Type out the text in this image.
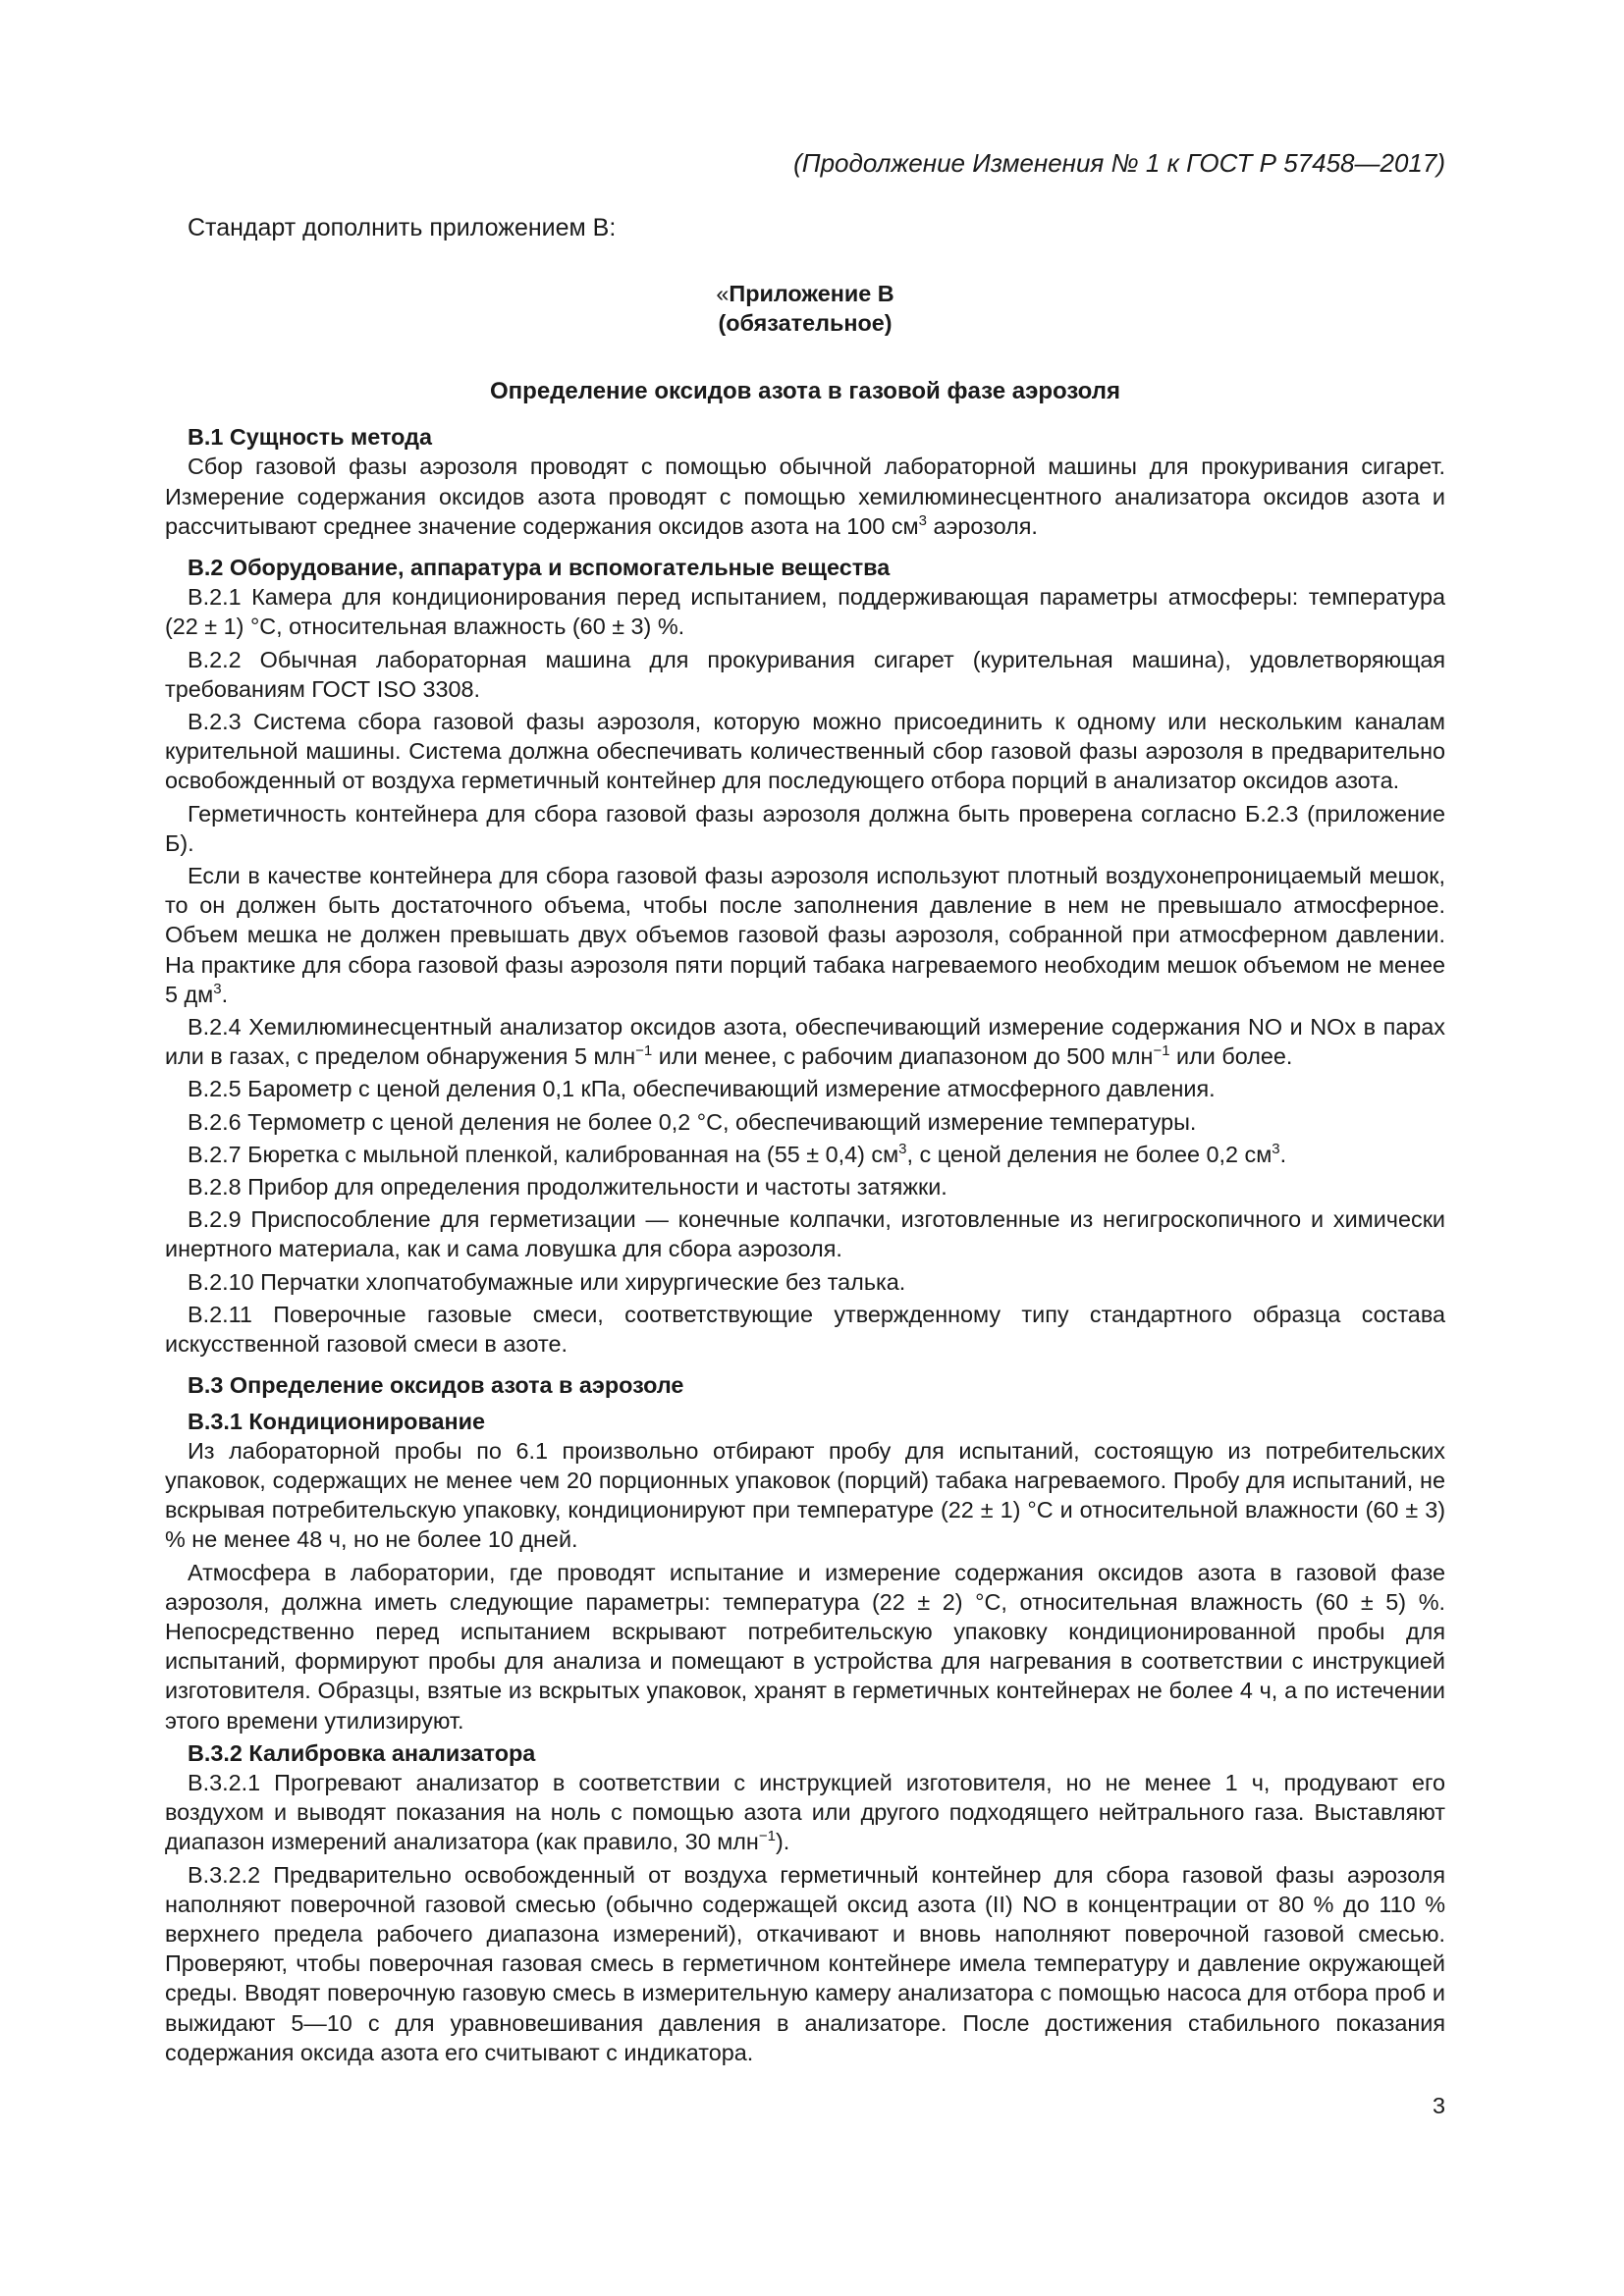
(Продолжение Изменения № 1 к ГОСТ Р 57458—2017)

Стандарт дополнить приложением В:

«Приложение В
(обязательное)
Определение оксидов азота в газовой фазе аэрозоля
В.1 Сущность метода

Сбор газовой фазы аэрозоля проводят с помощью обычной лабораторной машины для прокуривания сигарет. Измерение содержания оксидов азота проводят с помощью хемилюминесцентного анализатора оксидов азота и рассчитывают среднее значение содержания оксидов азота на 100 $см^3$ аэрозоля.

В.2 Оборудование, аппаратура и вспомогательные вещества

В.2.1 Камера для кондиционирования перед испытанием, поддерживающая параметры атмосферы: температура (22 ± 1) °С, относительная влажность (60 ± 3) %.

В.2.2 Обычная лабораторная машина для прокуривания сигарет (курительная машина), удовлетворяющая требованиям ГОСТ ISO 3308.

В.2.3 Система сбора газовой фазы аэрозоля, которую можно присоединить к одному или нескольким каналам курительной машины. Система должна обеспечивать количественный сбор газовой фазы аэрозоля в предварительно освобожденный от воздуха герметичный контейнер для последующего отбора порций в анализатор оксидов азота.

Герметичность контейнера для сбора газовой фазы аэрозоля должна быть проверена согласно Б.2.3 (приложение Б).

Если в качестве контейнера для сбора газовой фазы аэрозоля используют плотный воздухонепроницаемый мешок, то он должен быть достаточного объема, чтобы после заполнения давление в нем не превышало атмосферное. Объем мешка не должен превышать двух объемов газовой фазы аэрозоля, собранной при атмосферном давлении. На практике для сбора газовой фазы аэрозоля пяти порций табака нагреваемого необходим мешок объемом не менее 5 $дм^3$.

В.2.4 Хемилюминесцентный анализатор оксидов азота, обеспечивающий измерение содержания NO и NOx в парах или в газах, с пределом обнаружения 5 млн$^{-1}$ или менее, с рабочим диапазоном до 500 млн$^{-1}$ или более.

В.2.5 Барометр с ценой деления 0,1 кПа, обеспечивающий измерение атмосферного давления.

В.2.6 Термометр с ценой деления не более 0,2 °С, обеспечивающий измерение температуры.

В.2.7 Бюретка с мыльной пленкой, калиброванная на (55 ± 0,4) $см^3$, с ценой деления не более 0,2 $см^3$.

В.2.8 Прибор для определения продолжительности и частоты затяжки.

В.2.9 Приспособление для герметизации — конечные колпачки, изготовленные из негигроскопичного и химически инертного материала, как и сама ловушка для сбора аэрозоля.

В.2.10 Перчатки хлопчатобумажные или хирургические без талька.

В.2.11 Поверочные газовые смеси, соответствующие утвержденному типу стандартного образца состава искусственной газовой смеси в азоте.

В.3 Определение оксидов азота в аэрозоле
В.3.1 Кондиционирование

Из лабораторной пробы по 6.1 произвольно отбирают пробу для испытаний, состоящую из потребительских упаковок, содержащих не менее чем 20 порционных упаковок (порций) табака нагреваемого. Пробу для испытаний, не вскрывая потребительскую упаковку, кондиционируют при температуре (22 ± 1) °С и относительной влажности (60 ± 3) % не менее 48 ч, но не более 10 дней.

Атмосфера в лаборатории, где проводят испытание и измерение содержания оксидов азота в газовой фазе аэрозоля, должна иметь следующие параметры: температура (22 ± 2) °С, относительная влажность (60 ± 5) %. Непосредственно перед испытанием вскрывают потребительскую упаковку кондиционированной пробы для испытаний, формируют пробы для анализа и помещают в устройства для нагревания в соответствии с инструкцией изготовителя. Образцы, взятые из вскрытых упаковок, хранят в герметичных контейнерах не более 4 ч, а по истечении этого времени утилизируют.

В.3.2 Калибровка анализатора

В.3.2.1 Прогревают анализатор в соответствии с инструкцией изготовителя, но не менее 1 ч, продувают его воздухом и выводят показания на ноль с помощью азота или другого подходящего нейтрального газа. Выставляют диапазон измерений анализатора (как правило, 30 млн$^{-1}$).

В.3.2.2 Предварительно освобожденный от воздуха герметичный контейнер для сбора газовой фазы аэрозоля наполняют поверочной газовой смесью (обычно содержащей оксид азота (II) NO в концентрации от 80 % до 110 % верхнего предела рабочего диапазона измерений), откачивают и вновь наполняют поверочной газовой смесью. Проверяют, чтобы поверочная газовая смесь в герметичном контейнере имела температуру и давление окружающей среды. Вводят поверочную газовую смесь в измерительную камеру анализатора с помощью насоса для отбора проб и выжидают 5—10 с для уравновешивания давления в анализаторе. После достижения стабильного показания содержания оксида азота его считывают с индикатора.

3
